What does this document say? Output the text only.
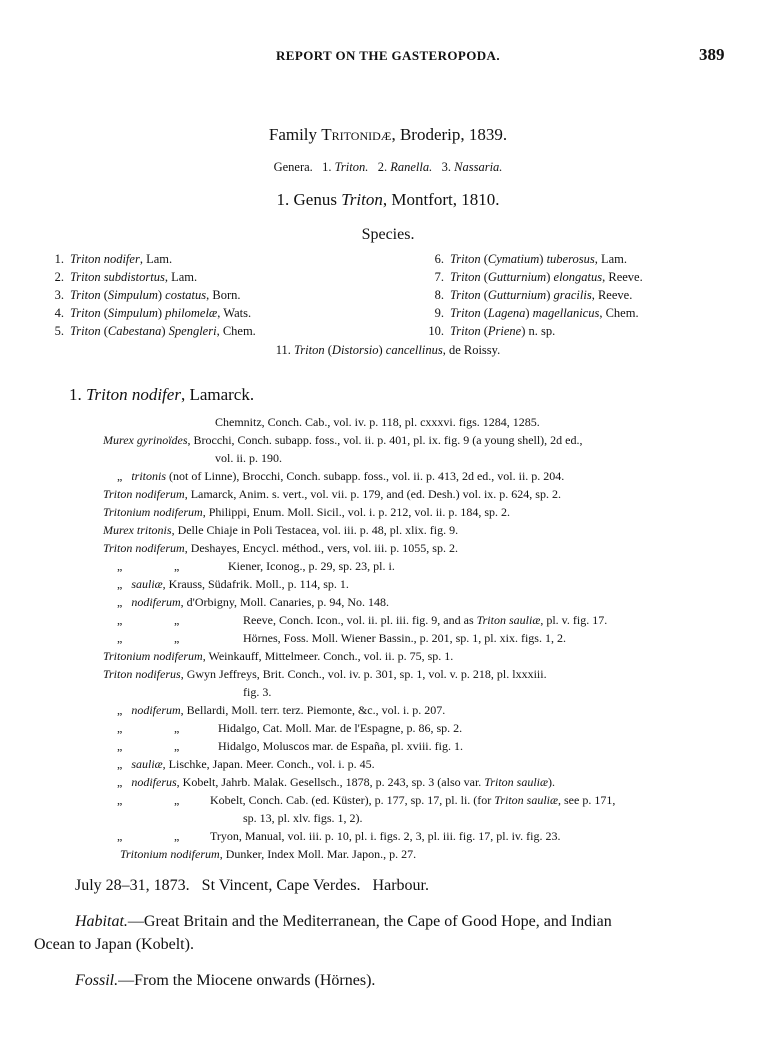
REPORT ON THE GASTEROPODA.	389
Family Tritonidæ, Broderip, 1839.
Genera. 1. Triton. 2. Ranella. 3. Nassaria.
1. Genus Triton, Montfort, 1810.
Species.
1. Triton nodifer, Lam.
2. Triton subdistortus, Lam.
3. Triton (Simpulum) costatus, Born.
4. Triton (Simpulum) philomelæ, Wats.
5. Triton (Cabestana) Spengleri, Chem.
6. Triton (Cymatium) tuberosus, Lam.
7. Triton (Gutturnium) elongatus, Reeve.
8. Triton (Gutturnium) gracilis, Reeve.
9. Triton (Lagena) magellanicus, Chem.
10. Triton (Priene) n. sp.
11. Triton (Distorsio) cancellinus, de Roissy.
1. Triton nodifer, Lamarck.
Chemnitz, Conch. Cab., vol. iv. p. 118, pl. cxxxvi. figs. 1284, 1285.
Murex gyrinoïdes, Brocchi, Conch. subapp. foss., vol. ii. p. 401, pl. ix. fig. 9 (a young shell), 2d ed.,
vol. ii. p. 190.
„ tritonis (not of Linne), Brocchi, Conch. subapp. foss., vol. ii. p. 413, 2d ed., vol. ii. p. 204.
Triton nodiferum, Lamarck, Anim. s. vert., vol. vii. p. 179, and (ed. Desh.) vol. ix. p. 624, sp. 2.
Tritonium nodiferum, Philippi, Enum. Moll. Sicil., vol. i. p. 212, vol. ii. p. 184, sp. 2.
Murex tritonis, Delle Chiaje in Poli Testacea, vol. iii. p. 48, pl. xlix. fig. 9.
Triton nodiferum, Deshayes, Encycl. méthod., vers, vol. iii. p. 1055, sp. 2.
„	„	Kiener, Iconog., p. 29, sp. 23, pl. i.
„ sauliæ, Krauss, Südafrik. Moll., p. 114, sp. 1.
„ nodiferum, d'Orbigny, Moll. Canaries, p. 94, No. 148.
„	„	Reeve, Conch. Icon., vol. ii. pl. iii. fig. 9, and as Triton sauliæ, pl. v. fig. 17.
„	„	Hörnes, Foss. Moll. Wiener Bassin., p. 201, sp. 1, pl. xix. figs. 1, 2.
Tritonium nodiferum, Weinkauff, Mittelmeer. Conch., vol. ii. p. 75, sp. 1.
Triton nodiferus, Gwyn Jeffreys, Brit. Conch., vol. iv. p. 301, sp. 1, vol. v. p. 218, pl. lxxxiii.
fig. 3.
„ nodiferum, Bellardi, Moll. terr. terz. Piemonte, &c., vol. i. p. 207.
„	„	Hidalgo, Cat. Moll. Mar. de l'Espagne, p. 86, sp. 2.
„	„	Hidalgo, Moluscos mar. de España, pl. xviii. fig. 1.
„ sauliæ, Lischke, Japan. Meer. Conch., vol. i. p. 45.
„ nodiferus, Kobelt, Jahrb. Malak. Gesellsch., 1878, p. 243, sp. 3 (also var. Triton sauliæ).
„	„	Kobelt, Conch. Cab. (ed. Küster), p. 177, sp. 17, pl. li. (for Triton sauliæ, see p. 171,
sp. 13, pl. xlv. figs. 1, 2).
„	„	Tryon, Manual, vol. iii. p. 10, pl. i. figs. 2, 3, pl. iii. fig. 17, pl. iv. fig. 23.
Tritonium nodiferum, Dunker, Index Moll. Mar. Japon., p. 27.
July 28–31, 1873.   St Vincent, Cape Verdes.   Harbour.
Habitat.—Great Britain and the Mediterranean, the Cape of Good Hope, and Indian
Ocean to Japan (Kobelt).
Fossil.—From the Miocene onwards (Hörnes).
